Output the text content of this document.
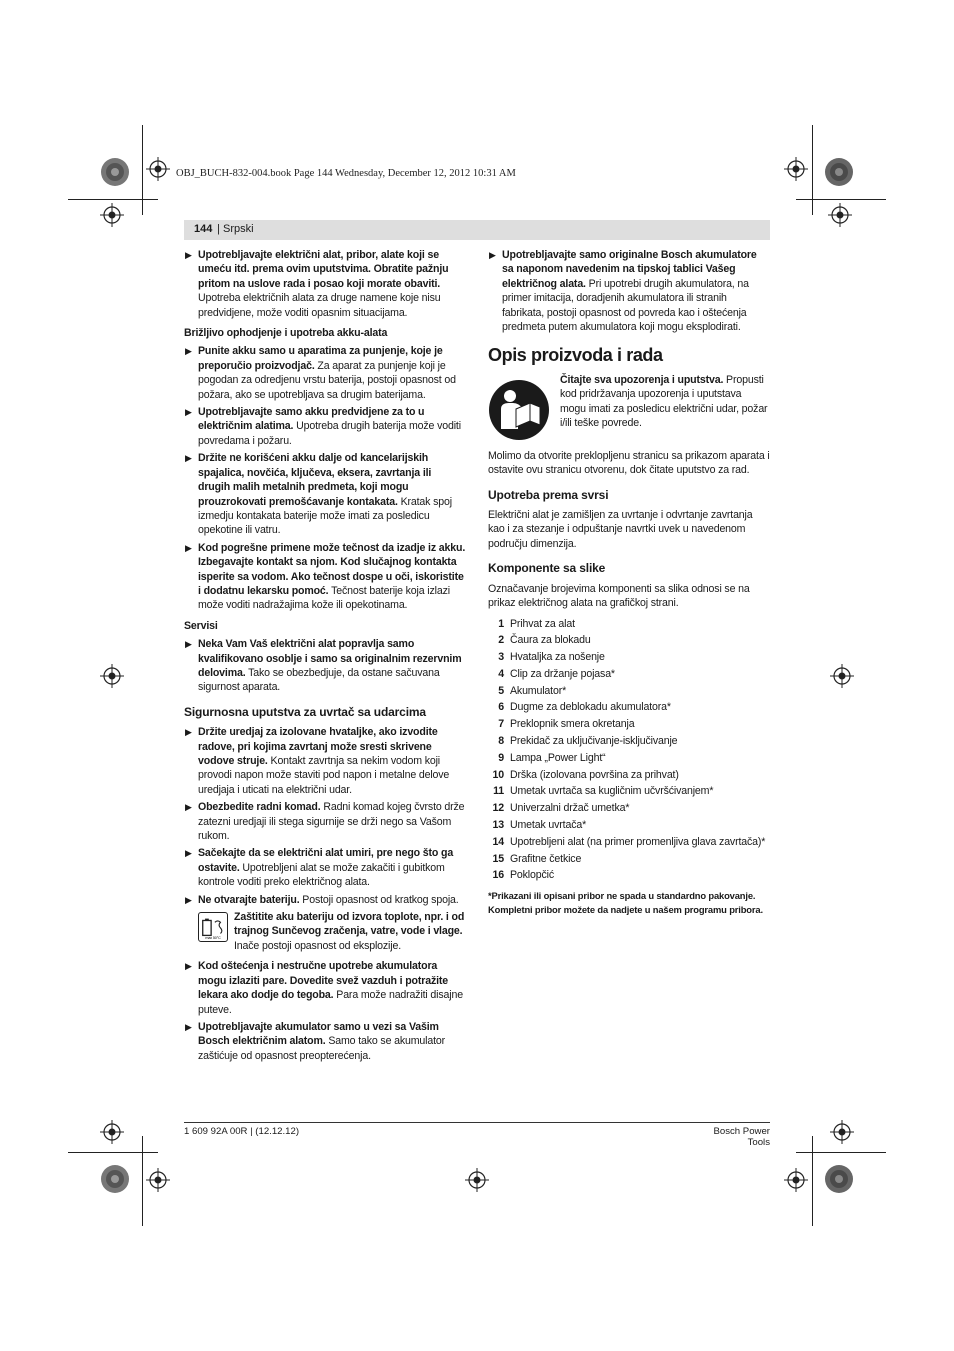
OBJ_BUCH-832-004.book Page 144 Wednesday, December 12, 2012 10:31 AM
144 | Srpski
▶ Upotrebljavajte električni alat, pribor, alate koji se umeću itd. prema ovim uputstvima. Obratite pažnju pritom na uslove rada i posao koji morate obaviti. Upotreba električnih alata za druge namene koje nisu predvidjene, može voditi opasnim situacijama.
Brižljivo ophodjenje i upotreba akku-alata
▶ Punite akku samo u aparatima za punjenje, koje je preporučio proizvodjač. Za aparat za punjenje koji je pogodan za odredjenu vrstu baterija, postoji opasnost od požara, ako se upotrebljava sa drugim baterijama.
▶ Upotrebljavajte samo akku predvidjene za to u električnim alatima. Upotreba drugih baterija može voditi povredama i požaru.
▶ Držite ne korišćeni akku dalje od kancelarijskih spajalica, novčića, ključeva, eksera, zavrtanja ili drugih malih metalnih predmeta, koji mogu prouzrokovati premošćavanje kontakata. Kratak spoj izmedju kontakata baterije može imati za posledicu opekotine ili vatru.
▶ Kod pogrešne primene može tečnost da izadje iz akku. Izbegavajte kontakt sa njom. Kod slučajnog kontakta isperite sa vodom. Ako tečnost dospe u oči, iskoristite i dodatnu lekarsku pomoć. Tečnost baterije koja izlazi može voditi nadražajima kože ili opekotinama.
Servisi
▶ Neka Vam Vaš električni alat popravlja samo kvalifikovano osoblje i samo sa originalnim rezervnim delovima. Tako se obezbedjuje, da ostane sačuvana sigurnost aparata.
Sigurnosna uputstva za uvrtač sa udarcima
▶ Držite uredjaj za izolovane hvataljke, ako izvodite radove, pri kojima zavrtanj može sresti skrivene vodove struje. Kontakt zavrtnja sa nekim vodom koji provodi napon može staviti pod napon i metalne delove uredjaja i utiсati na električni udar.
▶ Obezbedite radni komad. Radni komad kojeg čvrsto drže zatezni uredjaji ili stega sigurnije se drži nego sa Vašom rukom.
▶ Sačekajte da se električni alat umiri, pre nego što ga ostavite. Upotrebljeni alat se može zakačiti i gubitkom kontrole voditi preko električnog alata.
▶ Ne otvarajte bateriju. Postoji opasnost od kratkog spoja.
max 50°C
Zaštitite aku bateriju od izvora toplote, npr. i od trajnog Sunčevog zračenja, vatre, vode i vlage. Inače postoji opasnost od eksplozije.
▶ Kod oštećenja i nestručne upotrebe akumulatora mogu izlaziti pare. Dovedite svež vazduh i potražite lekara ako dodje do tegoba. Para može nadražiti disajne puteve.
▶ Upotrebljavajte akumulator samo u vezi sa Vašim Bosch električnim alatom. Samo tako se akumulator zaštićuje od opasnost preopterećenja.
▶ Upotrebljavajte samo originalne Bosch akumulatore sa naponom navedenim na tipskoj tablici Vašeg električnog alata. Pri upotrebi drugih akumulatora, na primer imitacija, doradjenih akumulatora ili stranih fabrikata, postoji opasnost od povreda kao i oštećenja predmeta putem akumulatora koji mogu eksplodirati.
Opis proizvoda i rada
Čitajte sva upozorenja i uputstva. Propusti kod pridržavanja upozorenja i uputstava mogu imati za posledicu električni udar, požar i/ili teške povrede.
Molimo da otvorite preklopljenu stranicu sa prikazom aparata i ostavite ovu stranicu otvorenu, dok čitate uputstvo za rad.
Upotreba prema svrsi
Električni alat je zamišljen za uvrtanje i odvrtanje zavrtanja kao i za stezanje i odpuštanje navrtki uvek u navedenom području dimenzija.
Komponente sa slike
Označavanje brojevima komponenti sa slika odnosi se na prikaz električnog alata na grafičkoj strani.
1 Prihvat za alat
2 Čaura za blokadu
3 Hvataljka za nošenje
4 Clip za držanje pojasa*
5 Akumulator*
6 Dugme za deblokadu akumulatora*
7 Preklopnik smera okretanja
8 Prekidač za uključivanje-isključivanje
9 Lampa „Power Light“
10 Drška (izolovana površina za prihvat)
11 Umetak uvrtača sa kugličnim učvršćivanjem*
12 Univerzalni držač umetka*
13 Umetak uvrtača*
14 Upotrebljeni alat (na primer promenljiva glava zavrtača)*
15 Grafitne četkice
16 Poklopčić
*Prikazani ili opisani pribor ne spada u standardno pakovanje.
Kompletni pribor možete da nadjete u našem programu pribora.
1 609 92A 00R | (12.12.12)	Bosch Power Tools
